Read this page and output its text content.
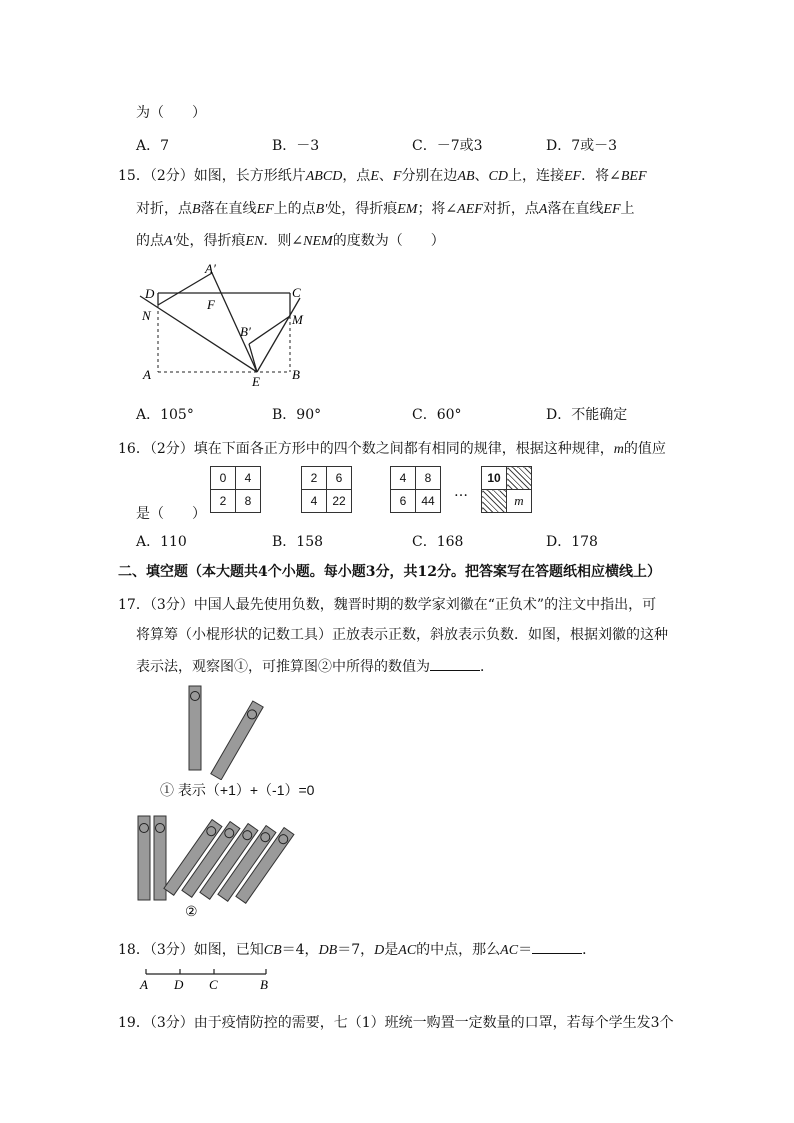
为（　　）
A．7	B．－3	C．－7或3	D．7或－3
15．（2分）如图，长方形纸片ABCD，点E、F分别在边AB、CD上，连接EF．将∠BEF
对折，点B落在直线EF上的点B'处，得折痕EM；将∠AEF对折，点A落在直线EF上
的点A'处，得折痕EN．则∠NEM的度数为（　　）
A′
D	C
F
N	M
B′
A	E B
A．105°	B．90°	C．60°	D．不能确定
16．（2分）填在下面各正方形中的四个数之间都有相同的规律，根据这种规律，m的值应
0	4
2	8
2	6
4	22
4	8
6	44
…
10	
	m
是（　　）
A．110	B．158	C．168	D．178
二、填空题（本大题共4个小题。每小题3分，共12分。把答案写在答题纸相应横线上）
17．（3分）中国人最先使用负数，魏晋时期的数学家刘徽在“正负术”的注文中指出，可
将算筹（小棍形状的记数工具）正放表示正数，斜放表示负数．如图，根据刘徽的这种
表示法，观察图①，可推算图②中所得的数值为	．
① 表示（+1）+（-1）=0
②
18．（3分）如图，已知CB＝4，DB＝7，D是AC的中点，那么AC＝	．
A D C	B
19．（3分）由于疫情防控的需要，七（1）班统一购置一定数量的口罩，若每个学生发3个
